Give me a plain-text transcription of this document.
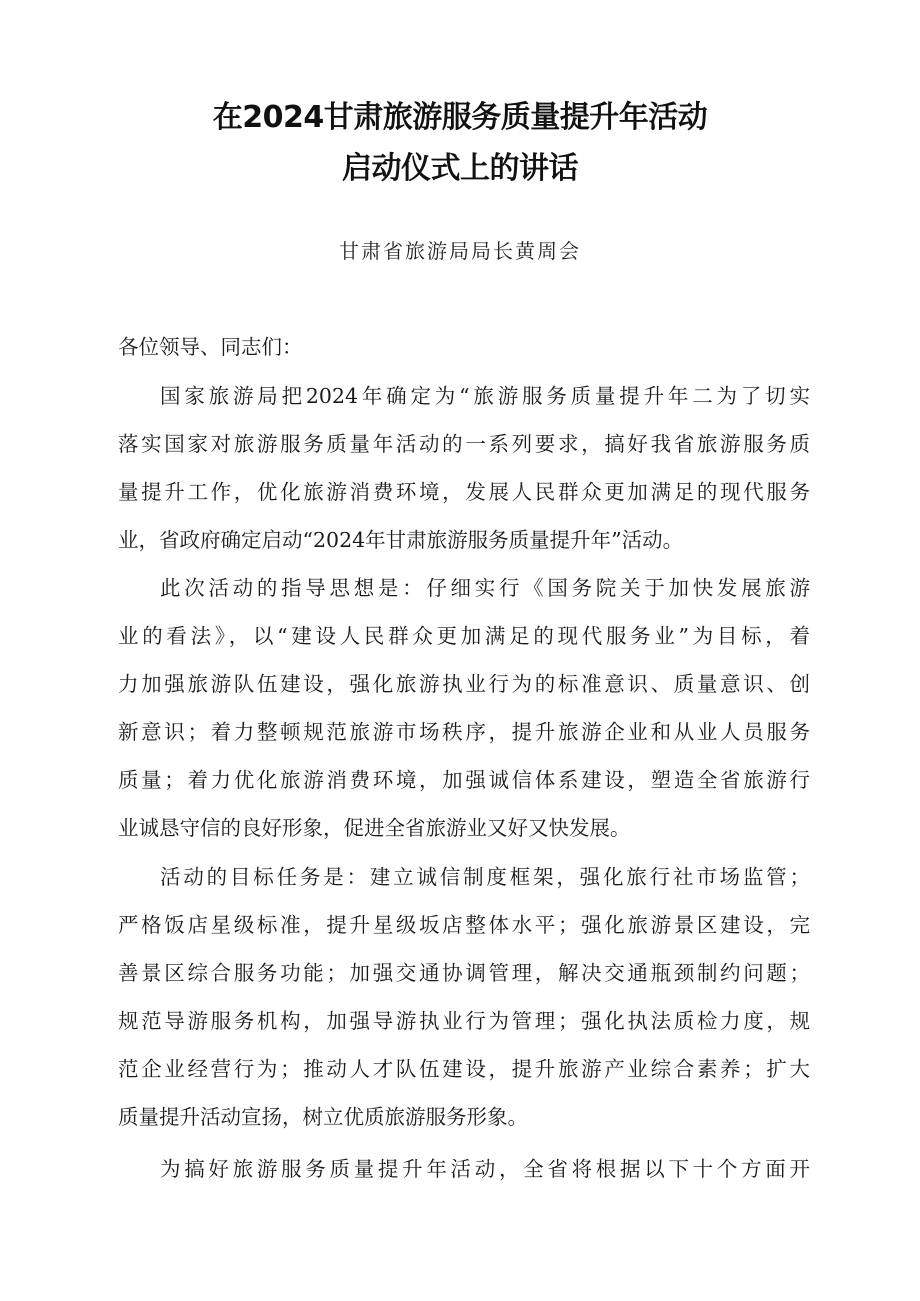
在2024甘肃旅游服务质量提升年活动
启动仪式上的讲话

甘肃省旅游局局长黄周会

各位领导、同志们：

国家旅游局把2024年确定为“旅游服务质量提升年二为了切实

落实国家对旅游服务质量年活动的一系列要求，搞好我省旅游服务质

量提升工作，优化旅游消费环境，发展人民群众更加满足的现代服务

业，省政府确定启动“2024年甘肃旅游服务质量提升年”活动。

此次活动的指导思想是：仔细实行《国务院关于加快发展旅游

业的看法》，以“建设人民群众更加满足的现代服务业”为目标，着

力加强旅游队伍建设，强化旅游执业行为的标准意识、质量意识、创

新意识；着力整顿规范旅游市场秩序，提升旅游企业和从业人员服务

质量；着力优化旅游消费环境，加强诚信体系建设，塑造全省旅游行

业诚恳守信的良好形象，促进全省旅游业又好又快发展。

活动的目标任务是：建立诚信制度框架，强化旅行社市场监管；

严格饭店星级标准，提升星级坂店整体水平；强化旅游景区建设，完

善景区综合服务功能；加强交通协调管理，解决交通瓶颈制约问题；

规范导游服务机构，加强导游执业行为管理；强化执法质检力度，规

范企业经营行为；推动人才队伍建设，提升旅游产业综合素养；扩大

质量提升活动宣扬，树立优质旅游服务形象。

为搞好旅游服务质量提升年活动，全省将根据以下十个方面开
